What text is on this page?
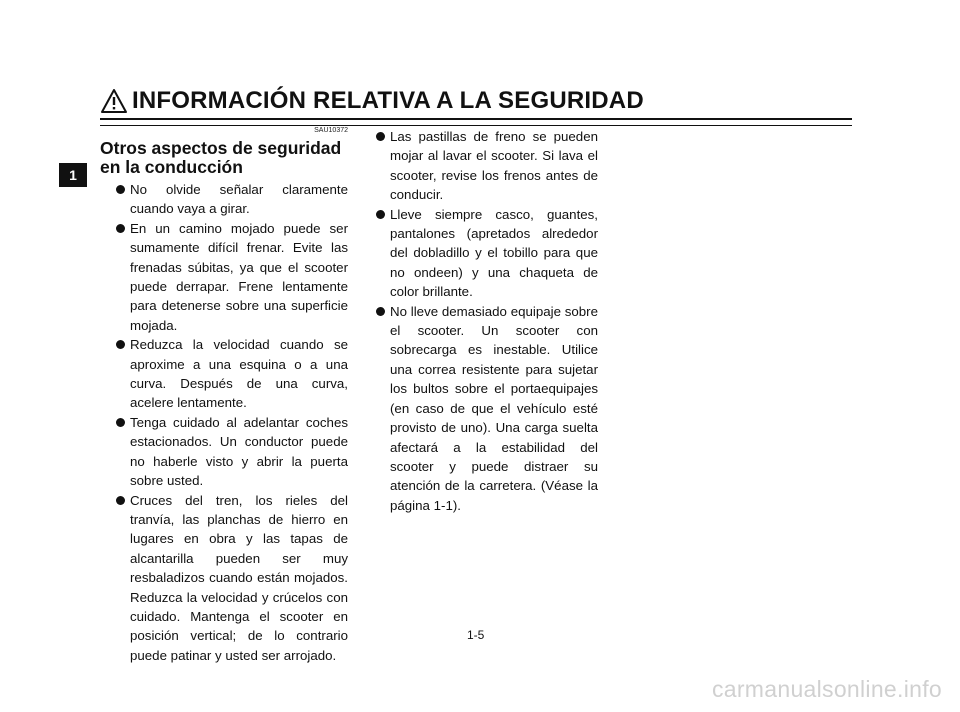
INFORMACIÓN RELATIVA A LA SEGURIDAD
1

SAU10372

Otros aspectos de seguridad
en la conducción
No olvide señalar claramente cuando vaya a girar.
En un camino mojado puede ser sumamente difícil frenar. Evite las frenadas súbitas, ya que el scooter puede derrapar. Frene lentamente para detenerse sobre una superficie mojada.
Reduzca la velocidad cuando se aproxime a una esquina o a una curva. Después de una curva, acelere lentamente.
Tenga cuidado al adelantar coches estacionados. Un conductor puede no haberle visto y abrir la puerta sobre usted.
Cruces del tren, los rieles del tranvía, las planchas de hierro en lugares en obra y las tapas de alcantarilla pueden ser muy resbaladizos cuando están mojados. Reduzca la velocidad y crúcelos con cuidado. Mantenga el scooter en posición vertical; de lo contrario puede patinar y usted ser arrojado.
Las pastillas de freno se pueden mojar al lavar el scooter. Si lava el scooter, revise los frenos antes de conducir.
Lleve siempre casco, guantes, pantalones (apretados alrededor del dobladillo y el tobillo para que no ondeen) y una chaqueta de color brillante.
No lleve demasiado equipaje sobre el scooter. Un scooter con sobrecarga es inestable. Utilice una correa resistente para sujetar los bultos sobre el portaequipajes (en caso de que el vehículo esté provisto de uno). Una carga suelta afectará a la estabilidad del scooter y puede distraer su atención de la carretera. (Véase la página 1-1).
1-5
carmanualsonline.info
